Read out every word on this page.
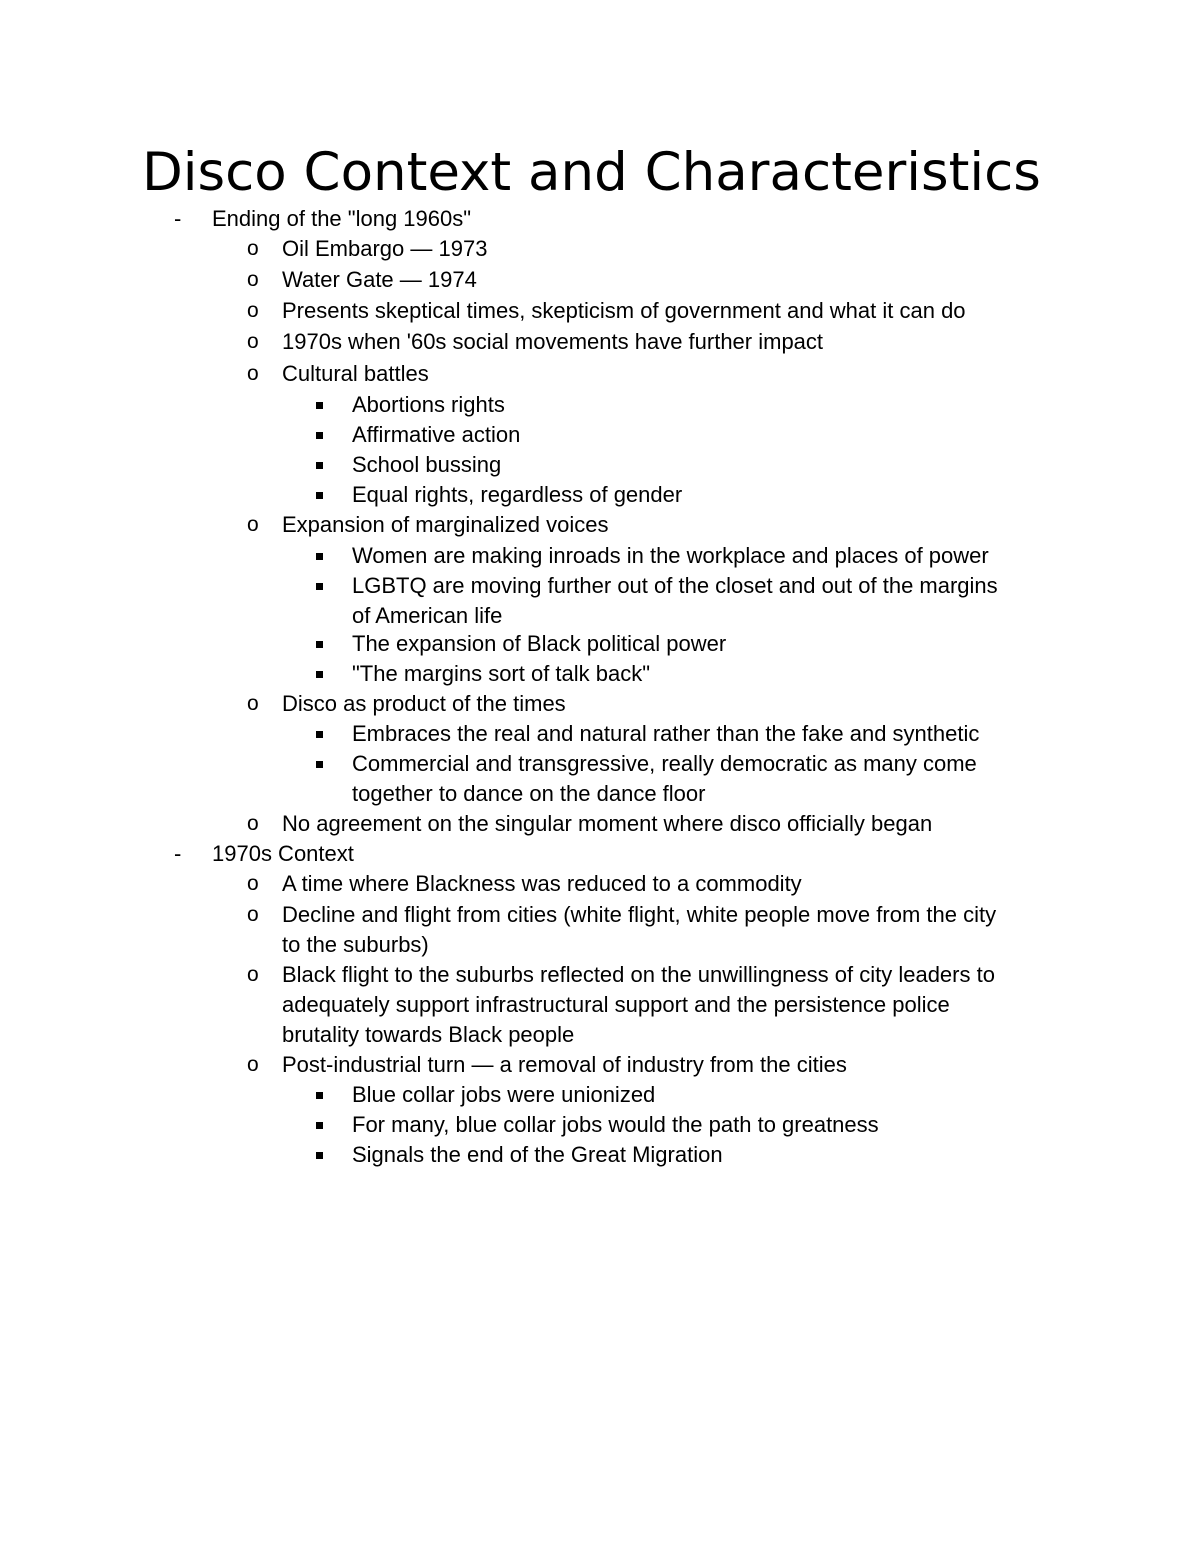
Disco Context and Characteristics
- Ending of the "long 1960s"
o Oil Embargo — 1973
o Water Gate — 1974
o Presents skeptical times, skepticism of government and what it can do
o 1970s when '60s social movements have further impact
o Cultural battles
Abortions rights
Affirmative action
School bussing
Equal rights, regardless of gender
o Expansion of marginalized voices
Women are making inroads in the workplace and places of power
LGBTQ are moving further out of the closet and out of the margins
of American life
The expansion of Black political power
"The margins sort of talk back"
o Disco as product of the times
Embraces the real and natural rather than the fake and synthetic
Commercial and transgressive, really democratic as many come
together to dance on the dance floor
o No agreement on the singular moment where disco officially began
- 1970s Context
o A time where Blackness was reduced to a commodity
o Decline and flight from cities (white flight, white people move from the city
to the suburbs)
o Black flight to the suburbs reflected on the unwillingness of city leaders to
adequately support infrastructural support and the persistence police
brutality towards Black people
o Post-industrial turn — a removal of industry from the cities
Blue collar jobs were unionized
For many, blue collar jobs would the path to greatness
Signals the end of the Great Migration
